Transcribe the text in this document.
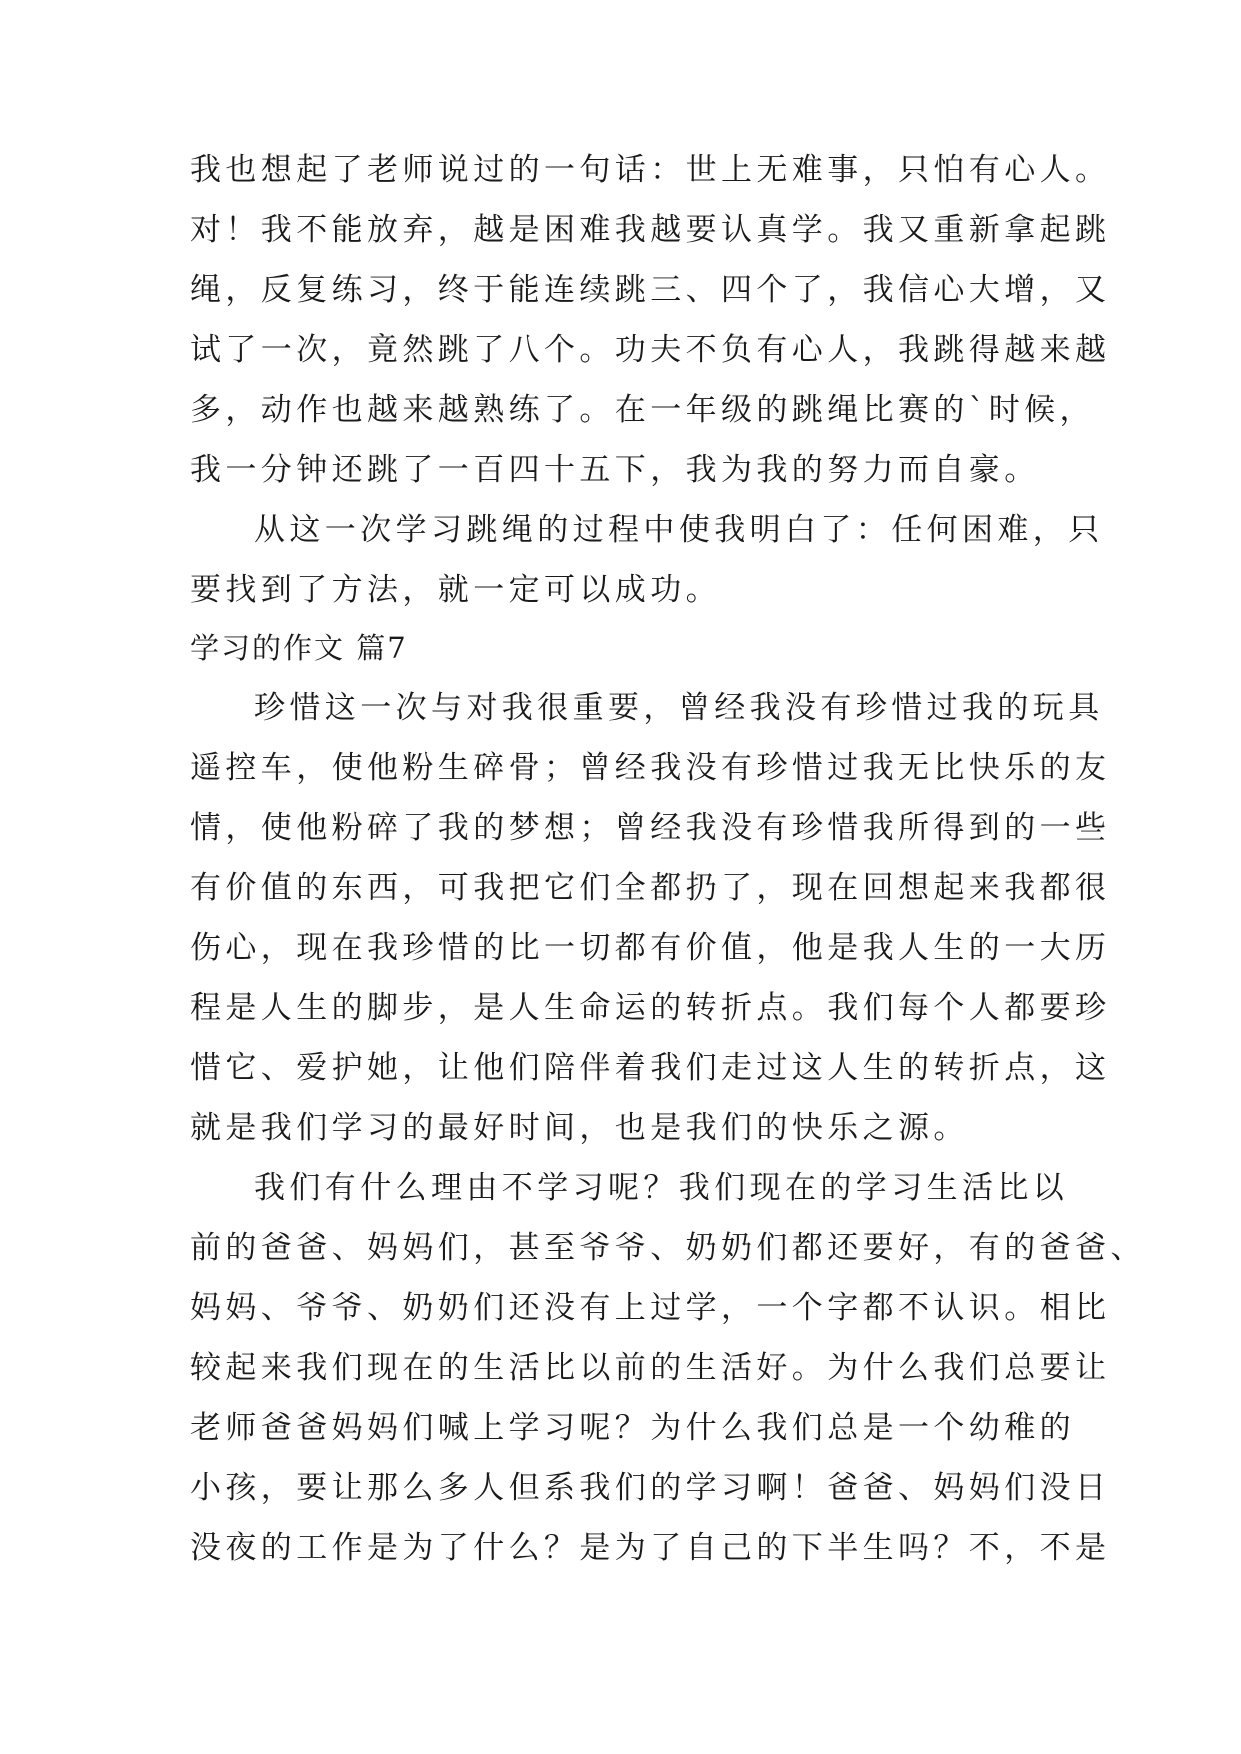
我也想起了老师说过的一句话：世上无难事，只怕有心人。
对！我不能放弃，越是困难我越要认真学。我又重新拿起跳
绳，反复练习，终于能连续跳三、四个了，我信心大增，又
试了一次，竟然跳了八个。功夫不负有心人，我跳得越来越
多，动作也越来越熟练了。在一年级的跳绳比赛的`时候，
我一分钟还跳了一百四十五下，我为我的努力而自豪。
从这一次学习跳绳的过程中使我明白了：任何困难，只
要找到了方法，就一定可以成功。
学习的作文 篇7
珍惜这一次与对我很重要，曾经我没有珍惜过我的玩具
遥控车，使他粉生碎骨；曾经我没有珍惜过我无比快乐的友
情，使他粉碎了我的梦想；曾经我没有珍惜我所得到的一些
有价值的东西，可我把它们全都扔了，现在回想起来我都很
伤心，现在我珍惜的比一切都有价值，他是我人生的一大历
程是人生的脚步，是人生命运的转折点。我们每个人都要珍
惜它、爱护她，让他们陪伴着我们走过这人生的转折点，这
就是我们学习的最好时间，也是我们的快乐之源。
我们有什么理由不学习呢？我们现在的学习生活比以
前的爸爸、妈妈们，甚至爷爷、奶奶们都还要好，有的爸爸、
妈妈、爷爷、奶奶们还没有上过学，一个字都不认识。相比
较起来我们现在的生活比以前的生活好。为什么我们总要让
老师爸爸妈妈们喊上学习呢？为什么我们总是一个幼稚的
小孩，要让那么多人但系我们的学习啊！爸爸、妈妈们没日
没夜的工作是为了什么？是为了自己的下半生吗？不，不是
